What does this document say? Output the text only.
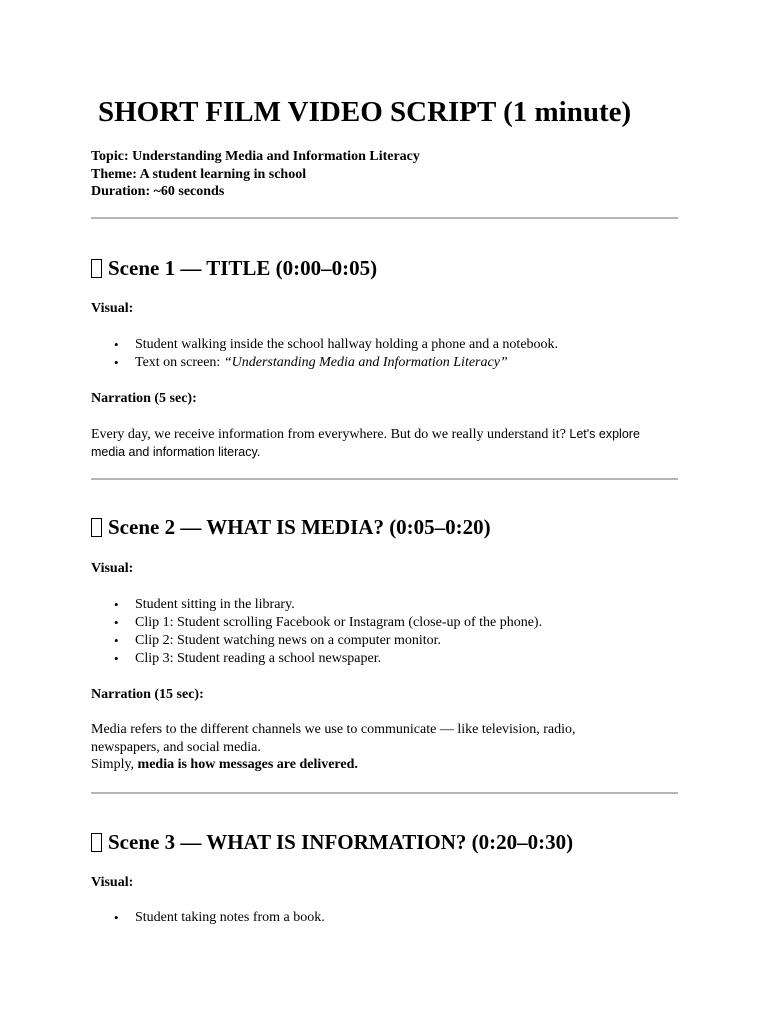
SHORT FILM VIDEO SCRIPT (1 minute)
Topic: Understanding Media and Information Literacy
Theme: A student learning in school
Duration: ~60 seconds
Scene 1 — TITLE (0:00–0:05)
Visual:
• Student walking inside the school hallway holding a phone and a notebook.
• Text on screen: “Understanding Media and Information Literacy”
Narration (5 sec):
Every day, we receive information from everywhere. But do we really understand it? Let's explore
media and information literacy.
Scene 2 — WHAT IS MEDIA? (0:05–0:20)
Visual:
• Student sitting in the library.
• Clip 1: Student scrolling Facebook or Instagram (close-up of the phone).
• Clip 2: Student watching news on a computer monitor.
• Clip 3: Student reading a school newspaper.
Narration (15 sec):
Media refers to the different channels we use to communicate — like television, radio,
newspapers, and social media.
Simply, media is how messages are delivered.
Scene 3 — WHAT IS INFORMATION? (0:20–0:30)
Visual:
• Student taking notes from a book.
